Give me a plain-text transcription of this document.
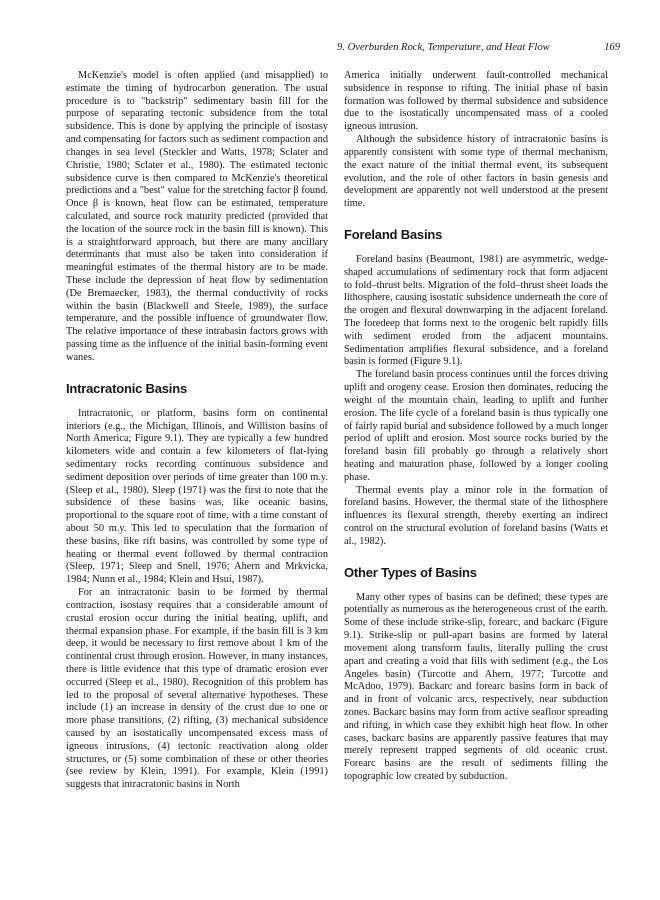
9. Overburden Rock, Temperature, and Heat Flow	169

McKenzie's model is often applied (and misapplied) to estimate the timing of hydrocarbon generation. The usual procedure is to "backstrip" sedimentary basin fill for the purpose of separating tectonic subsidence from the total subsidence. This is done by applying the principle of isostasy and compensating for factors such as sediment compaction and changes in sea level (Steckler and Watts, 1978; Sclater and Christie, 1980; Sclater et al., 1980). The estimated tectonic subsidence curve is then compared to McKenzie's theoretical predictions and a "best" value for the stretching factor β found. Once β is known, heat flow can be estimated, temperature calculated, and source rock maturity predicted (provided that the location of the source rock in the basin fill is known). This is a straightforward approach, but there are many ancillary determinants that must also be taken into consideration if meaningful estimates of the thermal history are to be made. These include the depression of heat flow by sedimentation (De Bremaecker, 1983), the thermal conductivity of rocks within the basin (Blackwell and Steele, 1989), the surface temperature, and the possible influence of groundwater flow. The relative importance of these intrabasin factors grows with passing time as the influence of the initial basin-forming event wanes.

Intracratonic Basins

Intracratonic, or platform, basins form on continental interiors (e.g., the Michigan, Illinois, and Williston basins of North America; Figure 9.1). They are typically a few hundred kilometers wide and contain a few kilometers of flat-lying sedimentary rocks recording continuous subsidence and sediment deposition over periods of time greater than 100 m.y. (Sleep et al., 1980). Sleep (1971) was the first to note that the subsidence of these basins was, like oceanic basins, proportional to the square root of time, with a time constant of about 50 m.y. This led to speculation that the formation of these basins, like rift basins, was controlled by some type of heating or thermal event followed by thermal contraction (Sleep, 1971; Sleep and Snell, 1976; Ahern and Mrkvicka, 1984; Nunn et al., 1984; Klein and Hsui, 1987).

For an intracratonic basin to be formed by thermal contraction, isostasy requires that a considerable amount of crustal erosion occur during the initial heating, uplift, and thermal expansion phase. For example, if the basin fill is 3 km deep, it would be necessary to first remove about 1 km of the continental crust through erosion. However, in many instances, there is little evidence that this type of dramatic erosion ever occurred (Sleep et al., 1980). Recognition of this problem has led to the proposal of several alternative hypotheses. These include (1) an increase in density of the crust due to one or more phase transitions, (2) rifting, (3) mechanical subsidence caused by an isostatically uncompensated excess mass of igneous intrusions, (4) tectonic reactivation along older structures, or (5) some combination of these or other theories (see review by Klein, 1991). For example, Klein (1991) suggests that intracratonic basins in North

America initially underwent fault-controlled mechanical subsidence in response to rifting. The initial phase of basin formation was followed by thermal subsidence and subsidence due to the isostatically uncompensated mass of a cooled igneous intrusion.

Although the subsidence history of intracratonic basins is apparently consistent with some type of thermal mechanism, the exact nature of the initial thermal event, its subsequent evolution, and the role of other factors in basin genesis and development are apparently not well understood at the present time.

Foreland Basins

Foreland basins (Beaumont, 1981) are asymmetric, wedge-shaped accumulations of sedimentary rock that form adjacent to fold–thrust belts. Migration of the fold–thrust sheet loads the lithosphere, causing isostatic subsidence underneath the core of the orogen and flexural downwarping in the adjacent foreland. The foredeep that forms next to the orogenic belt rapidly fills with sediment eroded from the adjacent mountains. Sedimentation amplifies flexural subsidence, and a foreland basin is formed (Figure 9.1).

The foreland basin process continues until the forces driving uplift and orogeny cease. Erosion then dominates, reducing the weight of the mountain chain, leading to uplift and further erosion. The life cycle of a foreland basin is thus typically one of fairly rapid burial and subsidence followed by a much longer period of uplift and erosion. Most source rocks buried by the foreland basin fill probably go through a relatively short heating and maturation phase, followed by a longer cooling phase.

Thermal events play a minor role in the formation of foreland basins. However, the thermal state of the lithosphere influences its flexural strength, thereby exerting an indirect control on the structural evolution of foreland basins (Watts et al., 1982).

Other Types of Basins

Many other types of basins can be defined; these types are potentially as numerous as the heterogeneous crust of the earth. Some of these include strike-slip, forearc, and backarc (Figure 9.1). Strike-slip or pull-apart basins are formed by lateral movement along transform faults, literally pulling the crust apart and creating a void that fills with sediment (e.g., the Los Angeles basin) (Turcotte and Ahern, 1977; Turcotte and McAdoo, 1979). Backarc and forearc basins form in back of and in front of volcanic arcs, respectively, near subduction zones. Backarc basins may form from active seafloor spreading and rifting, in which case they exhibit high heat flow. In other cases, backarc basins are apparently passive features that may merely represent trapped segments of old oceanic crust. Forearc basins are the result of sediments filling the topographic low created by subduction.
